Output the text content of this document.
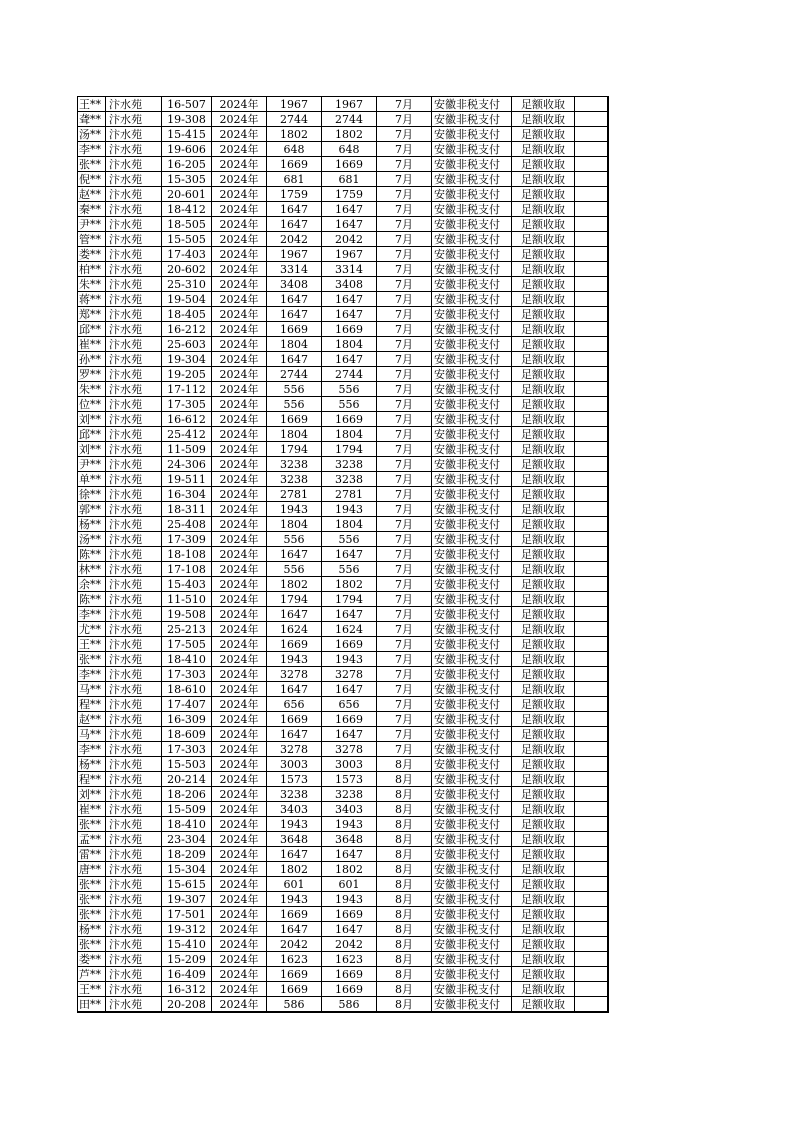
王**	汴水苑	16-507	2024年	1967	1967	7月	安徽非税支付	足额收取	
聋**	汴水苑	19-308	2024年	2744	2744	7月	安徽非税支付	足额收取	
汤**	汴水苑	15-415	2024年	1802	1802	7月	安徽非税支付	足额收取	
李**	汴水苑	19-606	2024年	648	648	7月	安徽非税支付	足额收取	
张**	汴水苑	16-205	2024年	1669	1669	7月	安徽非税支付	足额收取	
倪**	汴水苑	15-305	2024年	681	681	7月	安徽非税支付	足额收取	
赵**	汴水苑	20-601	2024年	1759	1759	7月	安徽非税支付	足额收取	
秦**	汴水苑	18-412	2024年	1647	1647	7月	安徽非税支付	足额收取	
尹**	汴水苑	18-505	2024年	1647	1647	7月	安徽非税支付	足额收取	
管**	汴水苑	15-505	2024年	2042	2042	7月	安徽非税支付	足额收取	
娄**	汴水苑	17-403	2024年	1967	1967	7月	安徽非税支付	足额收取	
柏**	汴水苑	20-602	2024年	3314	3314	7月	安徽非税支付	足额收取	
朱**	汴水苑	25-310	2024年	3408	3408	7月	安徽非税支付	足额收取	
蒋**	汴水苑	19-504	2024年	1647	1647	7月	安徽非税支付	足额收取	
郑**	汴水苑	18-405	2024年	1647	1647	7月	安徽非税支付	足额收取	
邱**	汴水苑	16-212	2024年	1669	1669	7月	安徽非税支付	足额收取	
崔**	汴水苑	25-603	2024年	1804	1804	7月	安徽非税支付	足额收取	
孙**	汴水苑	19-304	2024年	1647	1647	7月	安徽非税支付	足额收取	
罗**	汴水苑	19-205	2024年	2744	2744	7月	安徽非税支付	足额收取	
朱**	汴水苑	17-112	2024年	556	556	7月	安徽非税支付	足额收取	
位**	汴水苑	17-305	2024年	556	556	7月	安徽非税支付	足额收取	
刘**	汴水苑	16-612	2024年	1669	1669	7月	安徽非税支付	足额收取	
邱**	汴水苑	25-412	2024年	1804	1804	7月	安徽非税支付	足额收取	
刘**	汴水苑	11-509	2024年	1794	1794	7月	安徽非税支付	足额收取	
尹**	汴水苑	24-306	2024年	3238	3238	7月	安徽非税支付	足额收取	
单**	汴水苑	19-511	2024年	3238	3238	7月	安徽非税支付	足额收取	
徐**	汴水苑	16-304	2024年	2781	2781	7月	安徽非税支付	足额收取	
郭**	汴水苑	18-311	2024年	1943	1943	7月	安徽非税支付	足额收取	
杨**	汴水苑	25-408	2024年	1804	1804	7月	安徽非税支付	足额收取	
汤**	汴水苑	17-309	2024年	556	556	7月	安徽非税支付	足额收取	
陈**	汴水苑	18-108	2024年	1647	1647	7月	安徽非税支付	足额收取	
林**	汴水苑	17-108	2024年	556	556	7月	安徽非税支付	足额收取	
余**	汴水苑	15-403	2024年	1802	1802	7月	安徽非税支付	足额收取	
陈**	汴水苑	11-510	2024年	1794	1794	7月	安徽非税支付	足额收取	
李**	汴水苑	19-508	2024年	1647	1647	7月	安徽非税支付	足额收取	
尤**	汴水苑	25-213	2024年	1624	1624	7月	安徽非税支付	足额收取	
王**	汴水苑	17-505	2024年	1669	1669	7月	安徽非税支付	足额收取	
张**	汴水苑	18-410	2024年	1943	1943	7月	安徽非税支付	足额收取	
李**	汴水苑	17-303	2024年	3278	3278	7月	安徽非税支付	足额收取	
马**	汴水苑	18-610	2024年	1647	1647	7月	安徽非税支付	足额收取	
程**	汴水苑	17-407	2024年	656	656	7月	安徽非税支付	足额收取	
赵**	汴水苑	16-309	2024年	1669	1669	7月	安徽非税支付	足额收取	
马**	汴水苑	18-609	2024年	1647	1647	7月	安徽非税支付	足额收取	
李**	汴水苑	17-303	2024年	3278	3278	7月	安徽非税支付	足额收取	
杨**	汴水苑	15-503	2024年	3003	3003	8月	安徽非税支付	足额收取	
程**	汴水苑	20-214	2024年	1573	1573	8月	安徽非税支付	足额收取	
刘**	汴水苑	18-206	2024年	3238	3238	8月	安徽非税支付	足额收取	
崔**	汴水苑	15-509	2024年	3403	3403	8月	安徽非税支付	足额收取	
张**	汴水苑	18-410	2024年	1943	1943	8月	安徽非税支付	足额收取	
孟**	汴水苑	23-304	2024年	3648	3648	8月	安徽非税支付	足额收取	
雷**	汴水苑	18-209	2024年	1647	1647	8月	安徽非税支付	足额收取	
唐**	汴水苑	15-304	2024年	1802	1802	8月	安徽非税支付	足额收取	
张**	汴水苑	15-615	2024年	601	601	8月	安徽非税支付	足额收取	
张**	汴水苑	19-307	2024年	1943	1943	8月	安徽非税支付	足额收取	
张**	汴水苑	17-501	2024年	1669	1669	8月	安徽非税支付	足额收取	
杨**	汴水苑	19-312	2024年	1647	1647	8月	安徽非税支付	足额收取	
张**	汴水苑	15-410	2024年	2042	2042	8月	安徽非税支付	足额收取	
娄**	汴水苑	15-209	2024年	1623	1623	8月	安徽非税支付	足额收取	
芦**	汴水苑	16-409	2024年	1669	1669	8月	安徽非税支付	足额收取	
王**	汴水苑	16-312	2024年	1669	1669	8月	安徽非税支付	足额收取	
田**	汴水苑	20-208	2024年	586	586	8月	安徽非税支付	足额收取	
